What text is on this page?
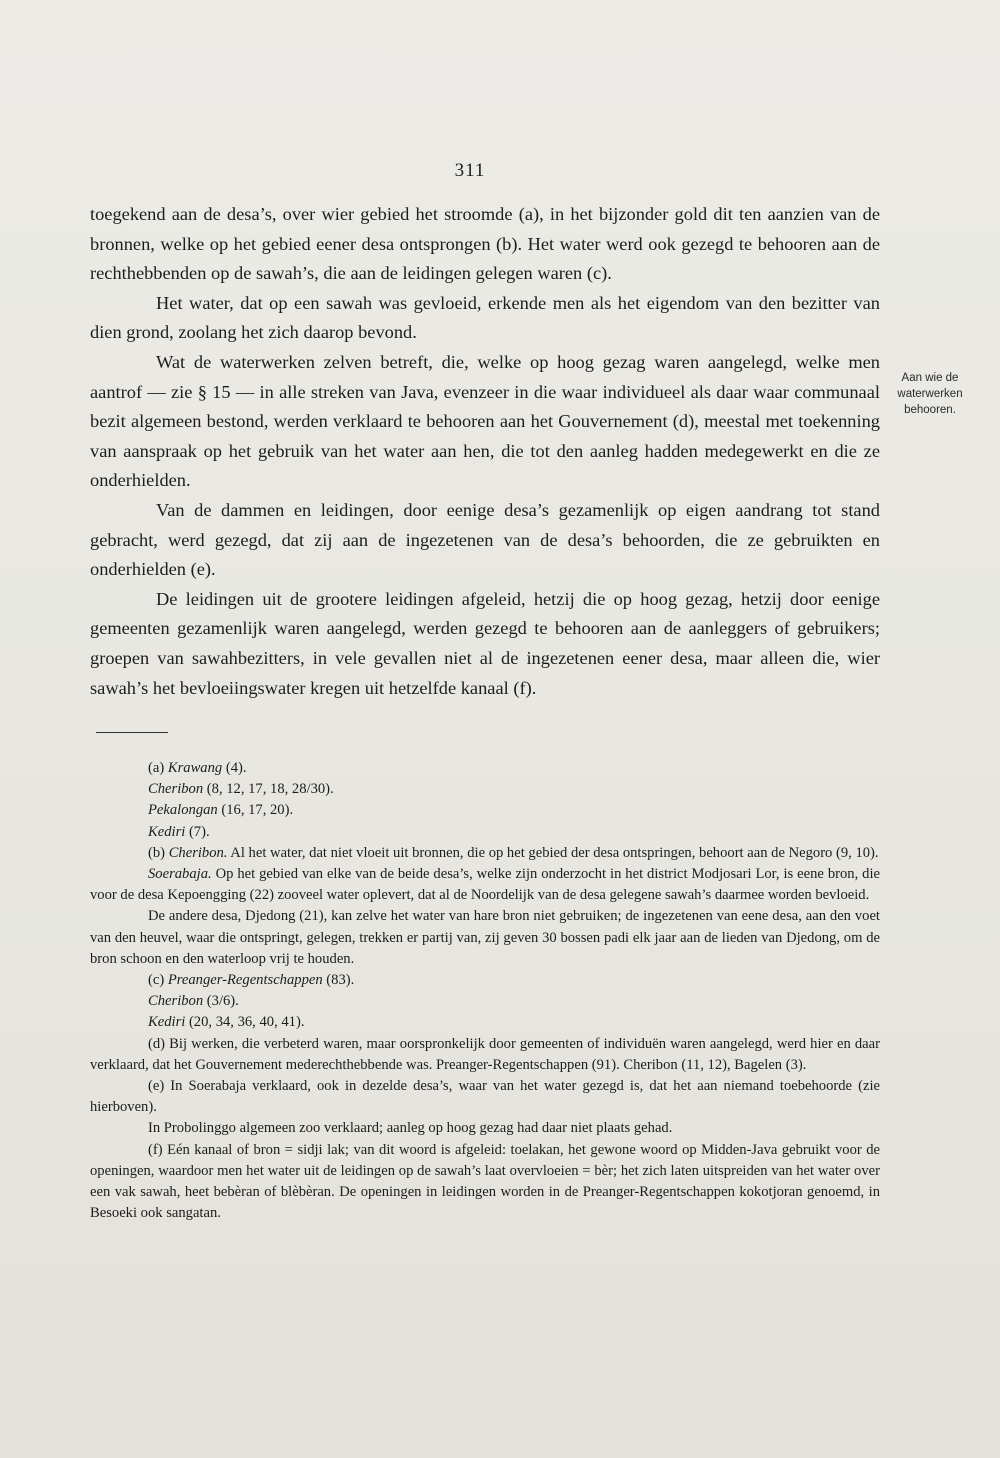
311

toegekend aan de desa’s, over wier gebied het stroomde (a), in het bijzonder gold dit ten aanzien van de bronnen, welke op het gebied eener desa ontsprongen (b). Het water werd ook gezegd te behooren aan de rechthebbenden op de sawah’s, die aan de leidingen gelegen waren (c).

Het water, dat op een sawah was gevloeid, erkende men als het eigendom van den bezitter van dien grond, zoolang het zich daarop bevond.

Wat de waterwerken zelven betreft, die, welke op hoog gezag waren aangelegd, welke men aantrof — zie § 15 — in alle streken van Java, evenzeer in die waar individueel als daar waar communaal bezit algemeen bestond, werden verklaard te behooren aan het Gouvernement (d), meestal met toekenning van aanspraak op het gebruik van het water aan hen, die tot den aanleg hadden medegewerkt en die ze onderhielden.

Van de dammen en leidingen, door eenige desa’s gezamenlijk op eigen aandrang tot stand gebracht, werd gezegd, dat zij aan de ingezetenen van de desa’s behoorden, die ze gebruikten en onderhielden (e).

De leidingen uit de grootere leidingen afgeleid, hetzij die op hoog gezag, hetzij door eenige gemeenten gezamenlijk waren aangelegd, werden gezegd te behooren aan de aanleggers of gebruikers; groepen van sawahbezitters, in vele gevallen niet al de ingezetenen eener desa, maar alleen die, wier sawah’s het bevloeiingswater kregen uit hetzelfde kanaal (f).

Aan wie de
waterwerken
behooren.

(a) Krawang (4).

Cheribon (8, 12, 17, 18, 28/30).

Pekalongan (16, 17, 20).

Kediri (7).

(b) Cheribon. Al het water, dat niet vloeit uit bronnen, die op het gebied der desa ontspringen, behoort aan de Negoro (9, 10).

Soerabaja. Op het gebied van elke van de beide desa’s, welke zijn onderzocht in het district Modjosari Lor, is eene bron, die voor de desa Kepoengging (22) zooveel water oplevert, dat al de Noordelijk van de desa gelegene sawah’s daarmee worden bevloeid.

De andere desa, Djedong (21), kan zelve het water van hare bron niet gebruiken; de ingezetenen van eene desa, aan den voet van den heuvel, waar die ontspringt, gelegen, trekken er partij van, zij geven 30 bossen padi elk jaar aan de lieden van Djedong, om de bron schoon en den waterloop vrij te houden.

(c) Preanger-Regentschappen (83).

Cheribon (3/6).

Kediri (20, 34, 36, 40, 41).

(d) Bij werken, die verbeterd waren, maar oorspronkelijk door gemeenten of individuën waren aangelegd, werd hier en daar verklaard, dat het Gouvernement mederechthebbende was. Preanger-Regentschappen (91). Cheribon (11, 12), Bagelen (3).

(e) In Soerabaja verklaard, ook in dezelde desa’s, waar van het water gezegd is, dat het aan niemand toebehoorde (zie hierboven).

In Probolinggo algemeen zoo verklaard; aanleg op hoog gezag had daar niet plaats gehad.

(f) Eén kanaal of bron = sidji lak; van dit woord is afgeleid: toelakan, het gewone woord op Midden-Java gebruikt voor de openingen, waardoor men het water uit de leidingen op de sawah’s laat overvloeien = bèr; het zich laten uitspreiden van het water over een vak sawah, heet bebèran of blèbèran. De openingen in leidingen worden in de Preanger-Regentschappen kokotjoran genoemd, in Besoeki ook sangatan.
